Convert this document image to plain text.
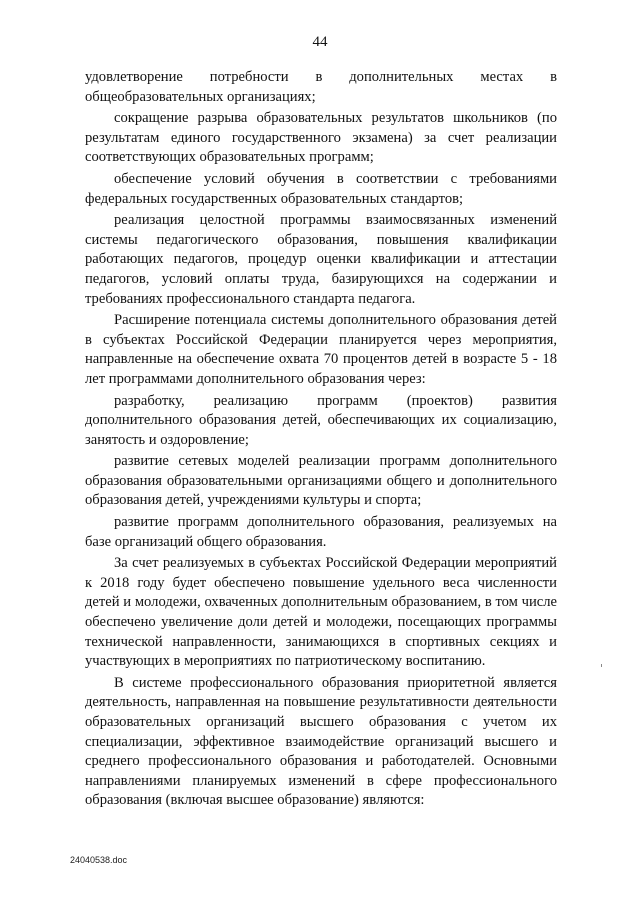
44

удовлетворение потребности в дополнительных местах в общеобразовательных организациях;

сокращение разрыва образовательных результатов школьников (по результатам единого государственного экзамена) за счет реализации соответствующих образовательных программ;

обеспечение условий обучения в соответствии с требованиями федеральных государственных образовательных стандартов;

реализация целостной программы взаимосвязанных изменений системы педагогического образования, повышения квалификации работающих педагогов, процедур оценки квалификации и аттестации педагогов, условий оплаты труда, базирующихся на содержании и требованиях профессионального стандарта педагога.

Расширение потенциала системы дополнительного образования детей в субъектах Российской Федерации планируется через мероприятия, направленные на обеспечение охвата 70 процентов детей в возрасте 5 - 18 лет программами дополнительного образования через:

разработку, реализацию программ (проектов) развития дополнительного образования детей, обеспечивающих их социализацию, занятость и оздоровление;

развитие сетевых моделей реализации программ дополнительного образования образовательными организациями общего и дополнительного образования детей, учреждениями культуры и спорта;

развитие программ дополнительного образования, реализуемых на базе организаций общего образования.

За счет реализуемых в субъектах Российской Федерации мероприятий к 2018 году будет обеспечено повышение удельного веса численности детей и молодежи, охваченных дополнительным образованием, в том числе обеспечено увеличение доли детей и молодежи, посещающих программы технической направленности, занимающихся в спортивных секциях и участвующих в мероприятиях по патриотическому воспитанию.

В системе профессионального образования приоритетной является деятельность, направленная на повышение результативности деятельности образовательных организаций высшего образования с учетом их специализации, эффективное взаимодействие организаций высшего и среднего профессионального образования и работодателей. Основными направлениями планируемых изменений в сфере профессионального образования (включая высшее образование) являются:

24040538.doc
